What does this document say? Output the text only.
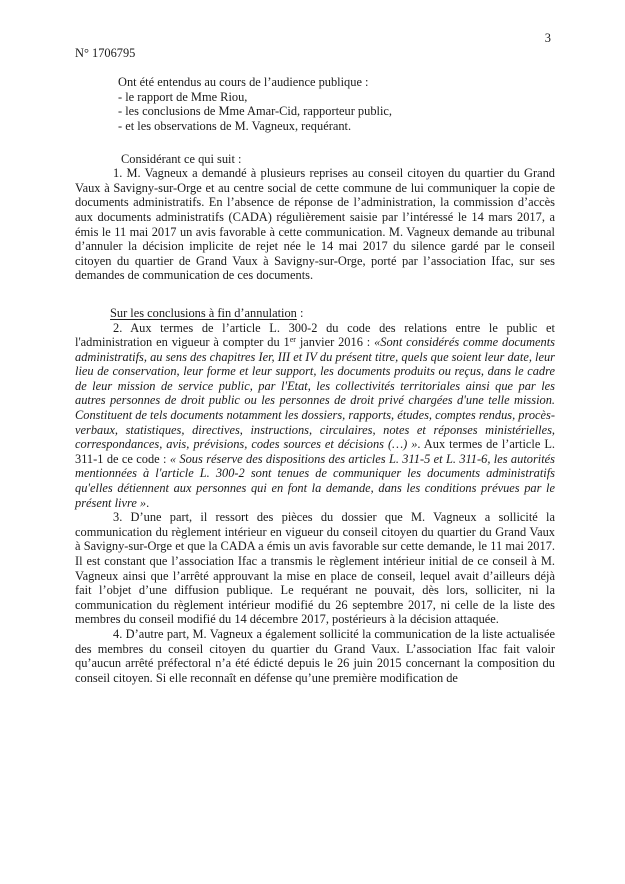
3
N° 1706795
Ont été entendus au cours de l’audience publique :
- le rapport de Mme Riou,
- les conclusions de Mme Amar-Cid, rapporteur public,
- et les observations de M. Vagneux, requérant.
Considérant ce qui suit :

1. M. Vagneux a demandé à plusieurs reprises au conseil citoyen du quartier du Grand Vaux à Savigny-sur-Orge et au centre social de cette commune de lui communiquer la copie de documents administratifs. En l’absence de réponse de l’administration, la commission d’accès aux documents administratifs (CADA) régulièrement saisie par l’intéressé le 14 mars 2017, a émis le 11 mai 2017 un avis favorable à cette communication. M. Vagneux demande au tribunal d’annuler la décision implicite de rejet née le 14 mai 2017 du silence gardé par le conseil citoyen du quartier de Grand Vaux à Savigny-sur-Orge, porté par l’association Ifac, sur ses demandes de communication de ces documents.

Sur les conclusions à fin d’annulation :

2. Aux termes de l’article L. 300-2 du code des relations entre le public et l'administration en vigueur à compter du 1er janvier 2016 : «Sont considérés comme documents administratifs, au sens des chapitres Ier, III et IV du présent titre, quels que soient leur date, leur lieu de conservation, leur forme et leur support, les documents produits ou reçus, dans le cadre de leur mission de service public, par l'Etat, les collectivités territoriales ainsi que par les autres personnes de droit public ou les personnes de droit privé chargées d'une telle mission. Constituent de tels documents notamment les dossiers, rapports, études, comptes rendus, procès-verbaux, statistiques, directives, instructions, circulaires, notes et réponses ministérielles, correspondances, avis, prévisions, codes sources et décisions (…) ». Aux termes de l’article L. 311-1 de ce code : « Sous réserve des dispositions des articles L. 311-5 et L. 311-6, les autorités mentionnées à l'article L. 300-2 sont tenues de communiquer les documents administratifs qu'elles détiennent aux personnes qui en font la demande, dans les conditions prévues par le présent livre ».

3. D’une part, il ressort des pièces du dossier que M. Vagneux a sollicité la communication du règlement intérieur en vigueur du conseil citoyen du quartier du Grand Vaux à Savigny-sur-Orge et que la CADA a émis un avis favorable sur cette demande, le 11 mai 2017. Il est constant que l’association Ifac a transmis le règlement intérieur initial de ce conseil à M. Vagneux ainsi que l’arrêté approuvant la mise en place de conseil, lequel avait d’ailleurs déjà fait l’objet d’une diffusion publique. Le requérant ne pouvait, dès lors, solliciter, ni la communication du règlement intérieur modifié du 26 septembre 2017, ni celle de la liste des membres du conseil modifié du 14 décembre 2017, postérieurs à la décision attaquée.

4. D’autre part, M. Vagneux a également sollicité la communication de la liste actualisée des membres du conseil citoyen du quartier du Grand Vaux. L’association Ifac fait valoir qu’aucun arrêté préfectoral n’a été édicté depuis le 26 juin 2015 concernant la composition du conseil citoyen. Si elle reconnaît en défense qu’une première modification de
